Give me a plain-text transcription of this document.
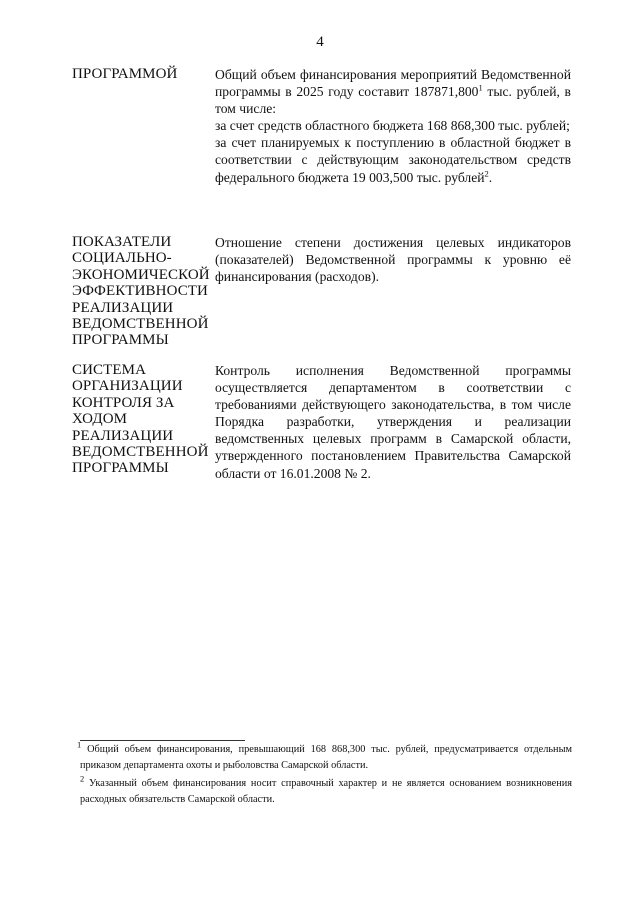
4
ПРОГРАММОЙ	Общий объем финансирования мероприятий Ведомственной программы в 2025 году составит 187871,800$^1$ тыс. рублей, в том числе:

за счет средств областного бюджета 168 868,300 тыс. рублей;

за счет планируемых к поступлению в областной бюджет в соответствии с действующим законодательством средств федерального бюджета 19 003,500 тыс. рублей$^2$.

ПОКАЗАТЕЛИ
СОЦИАЛЬНО-
ЭКОНОМИЧЕСКОЙ
ЭФФЕКТИВНОСТИ
РЕАЛИЗАЦИИ
ВЕДОМСТВЕННОЙ
ПРОГРАММЫ

Отношение степени достижения целевых индикаторов (показателей) Ведомственной программы к уровню её финансирования (расходов).

СИСТЕМА
ОРГАНИЗАЦИИ
КОНТРОЛЯ ЗА
ХОДОМ
РЕАЛИЗАЦИИ
ВЕДОМСТВЕННОЙ
ПРОГРАММЫ

Контроль исполнения Ведомственной программы осуществляется департаментом в соответствии с требованиями действующего законодательства, в том числе Порядка разработки, утверждения и реализации ведомственных целевых программ в Самарской области, утвержденного постановлением Правительства Самарской области от 16.01.2008 № 2.

$^1$ Общий объем финансирования, превышающий 168 868,300 тыс. рублей, предусматривается отдельным приказом департамента охоты и рыболовства Самарской области.

$^2$ Указанный объем финансирования носит справочный характер и не является основанием возникновения расходных обязательств Самарской области.
